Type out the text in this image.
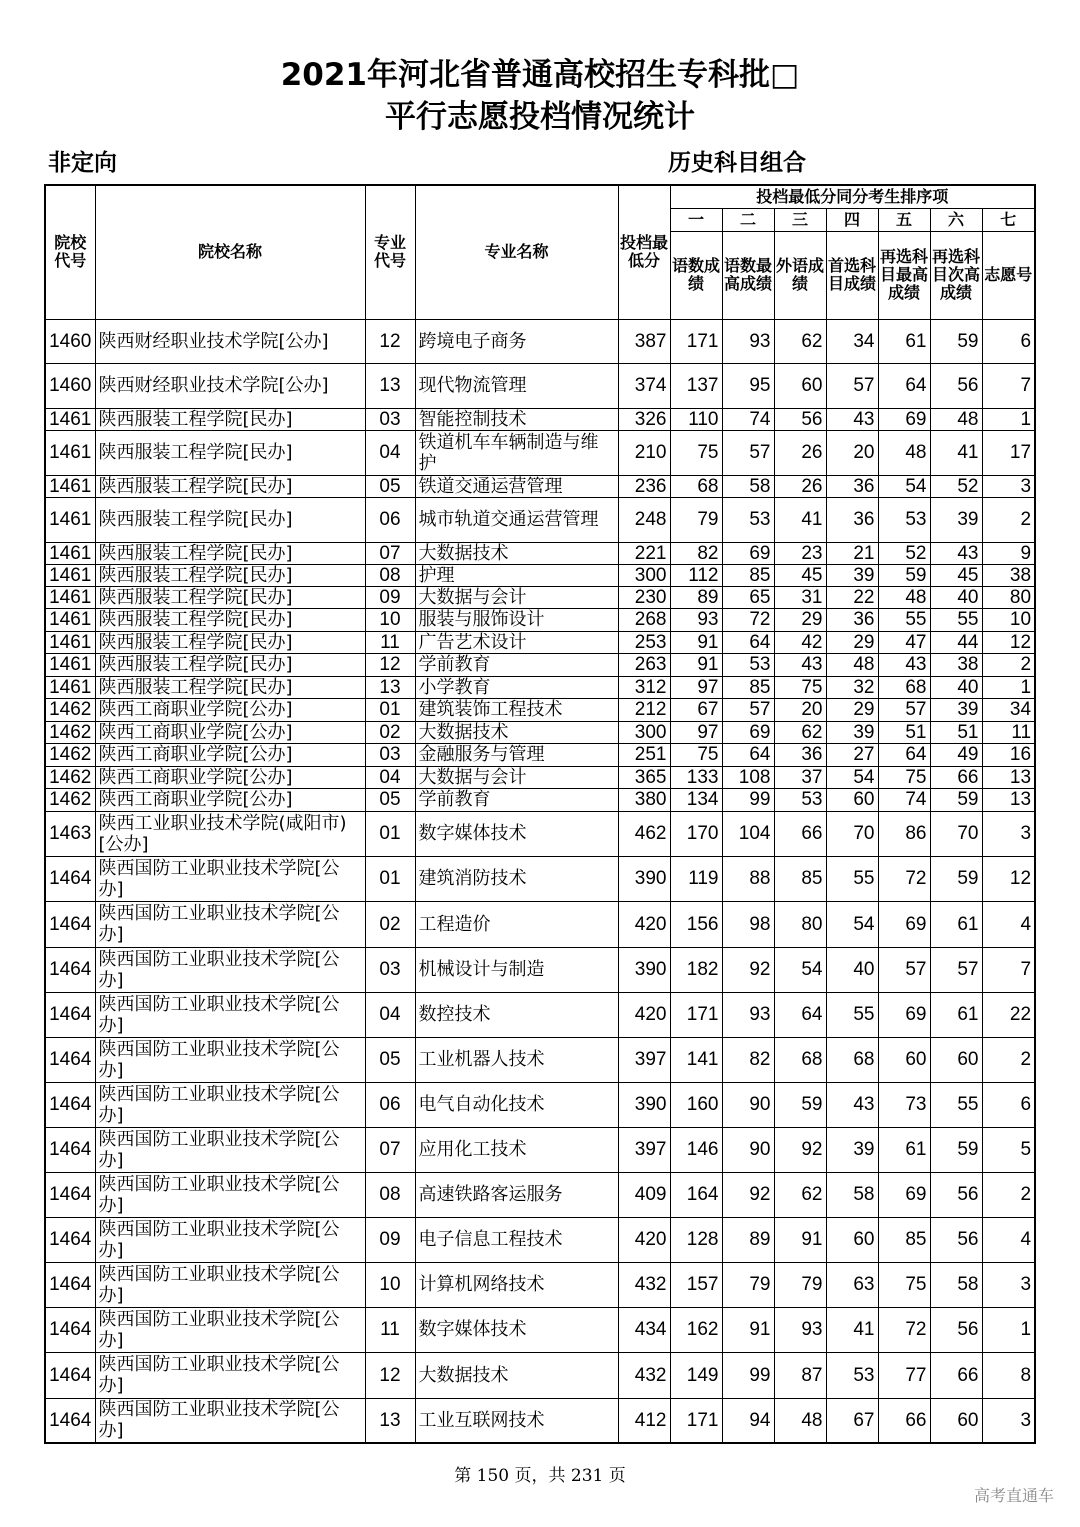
2021年河北省普通高校招生专科批□
平行志愿投档情况统计
非定向	历史科目组合
院校代号	院校名称	专业代号	专业名称	投档最低分	投档最低分同分考生排序项						
					一	二	三	四	五	六	七
					语数成绩	语数最高成绩	外语成绩	首选科目成绩	再选科目最高成绩	再选科目次高成绩	志愿号
1460	陕西财经职业技术学院[公办]	12	跨境电子商务	387	171	93	62	34	61	59	6
1460	陕西财经职业技术学院[公办]	13	现代物流管理	374	137	95	60	57	64	56	7
1461	陕西服装工程学院[民办]	03	智能控制技术	326	110	74	56	43	69	48	1
1461	陕西服装工程学院[民办]	04	铁道机车车辆制造与维护	210	75	57	26	20	48	41	17
1461	陕西服装工程学院[民办]	05	铁道交通运营管理	236	68	58	26	36	54	52	3
1461	陕西服装工程学院[民办]	06	城市轨道交通运营管理	248	79	53	41	36	53	39	2
1461	陕西服装工程学院[民办]	07	大数据技术	221	82	69	23	21	52	43	9
1461	陕西服装工程学院[民办]	08	护理	300	112	85	45	39	59	45	38
1461	陕西服装工程学院[民办]	09	大数据与会计	230	89	65	31	22	48	40	80
1461	陕西服装工程学院[民办]	10	服装与服饰设计	268	93	72	29	36	55	55	10
1461	陕西服装工程学院[民办]	11	广告艺术设计	253	91	64	42	29	47	44	12
1461	陕西服装工程学院[民办]	12	学前教育	263	91	53	43	48	43	38	2
1461	陕西服装工程学院[民办]	13	小学教育	312	97	85	75	32	68	40	1
1462	陕西工商职业学院[公办]	01	建筑装饰工程技术	212	67	57	20	29	57	39	34
1462	陕西工商职业学院[公办]	02	大数据技术	300	97	69	62	39	51	51	11
1462	陕西工商职业学院[公办]	03	金融服务与管理	251	75	64	36	27	64	49	16
1462	陕西工商职业学院[公办]	04	大数据与会计	365	133	108	37	54	75	66	13
1462	陕西工商职业学院[公办]	05	学前教育	380	134	99	53	60	74	59	13
1463	陕西工业职业技术学院(咸阳市)[公办]	01	数字媒体技术	462	170	104	66	70	86	70	3
1464	陕西国防工业职业技术学院[公办]	01	建筑消防技术	390	119	88	85	55	72	59	12
1464	陕西国防工业职业技术学院[公办]	02	工程造价	420	156	98	80	54	69	61	4
1464	陕西国防工业职业技术学院[公办]	03	机械设计与制造	390	182	92	54	40	57	57	7
1464	陕西国防工业职业技术学院[公办]	04	数控技术	420	171	93	64	55	69	61	22
1464	陕西国防工业职业技术学院[公办]	05	工业机器人技术	397	141	82	68	68	60	60	2
1464	陕西国防工业职业技术学院[公办]	06	电气自动化技术	390	160	90	59	43	73	55	6
1464	陕西国防工业职业技术学院[公办]	07	应用化工技术	397	146	90	92	39	61	59	5
1464	陕西国防工业职业技术学院[公办]	08	高速铁路客运服务	409	164	92	62	58	69	56	2
1464	陕西国防工业职业技术学院[公办]	09	电子信息工程技术	420	128	89	91	60	85	56	4
1464	陕西国防工业职业技术学院[公办]	10	计算机网络技术	432	157	79	79	63	75	58	3
1464	陕西国防工业职业技术学院[公办]	11	数字媒体技术	434	162	91	93	41	72	56	1
1464	陕西国防工业职业技术学院[公办]	12	大数据技术	432	149	99	87	53	77	66	8
1464	陕西国防工业职业技术学院[公办]	13	工业互联网技术	412	171	94	48	67	66	60	3
第 150 页，共 231 页
高考直通车
